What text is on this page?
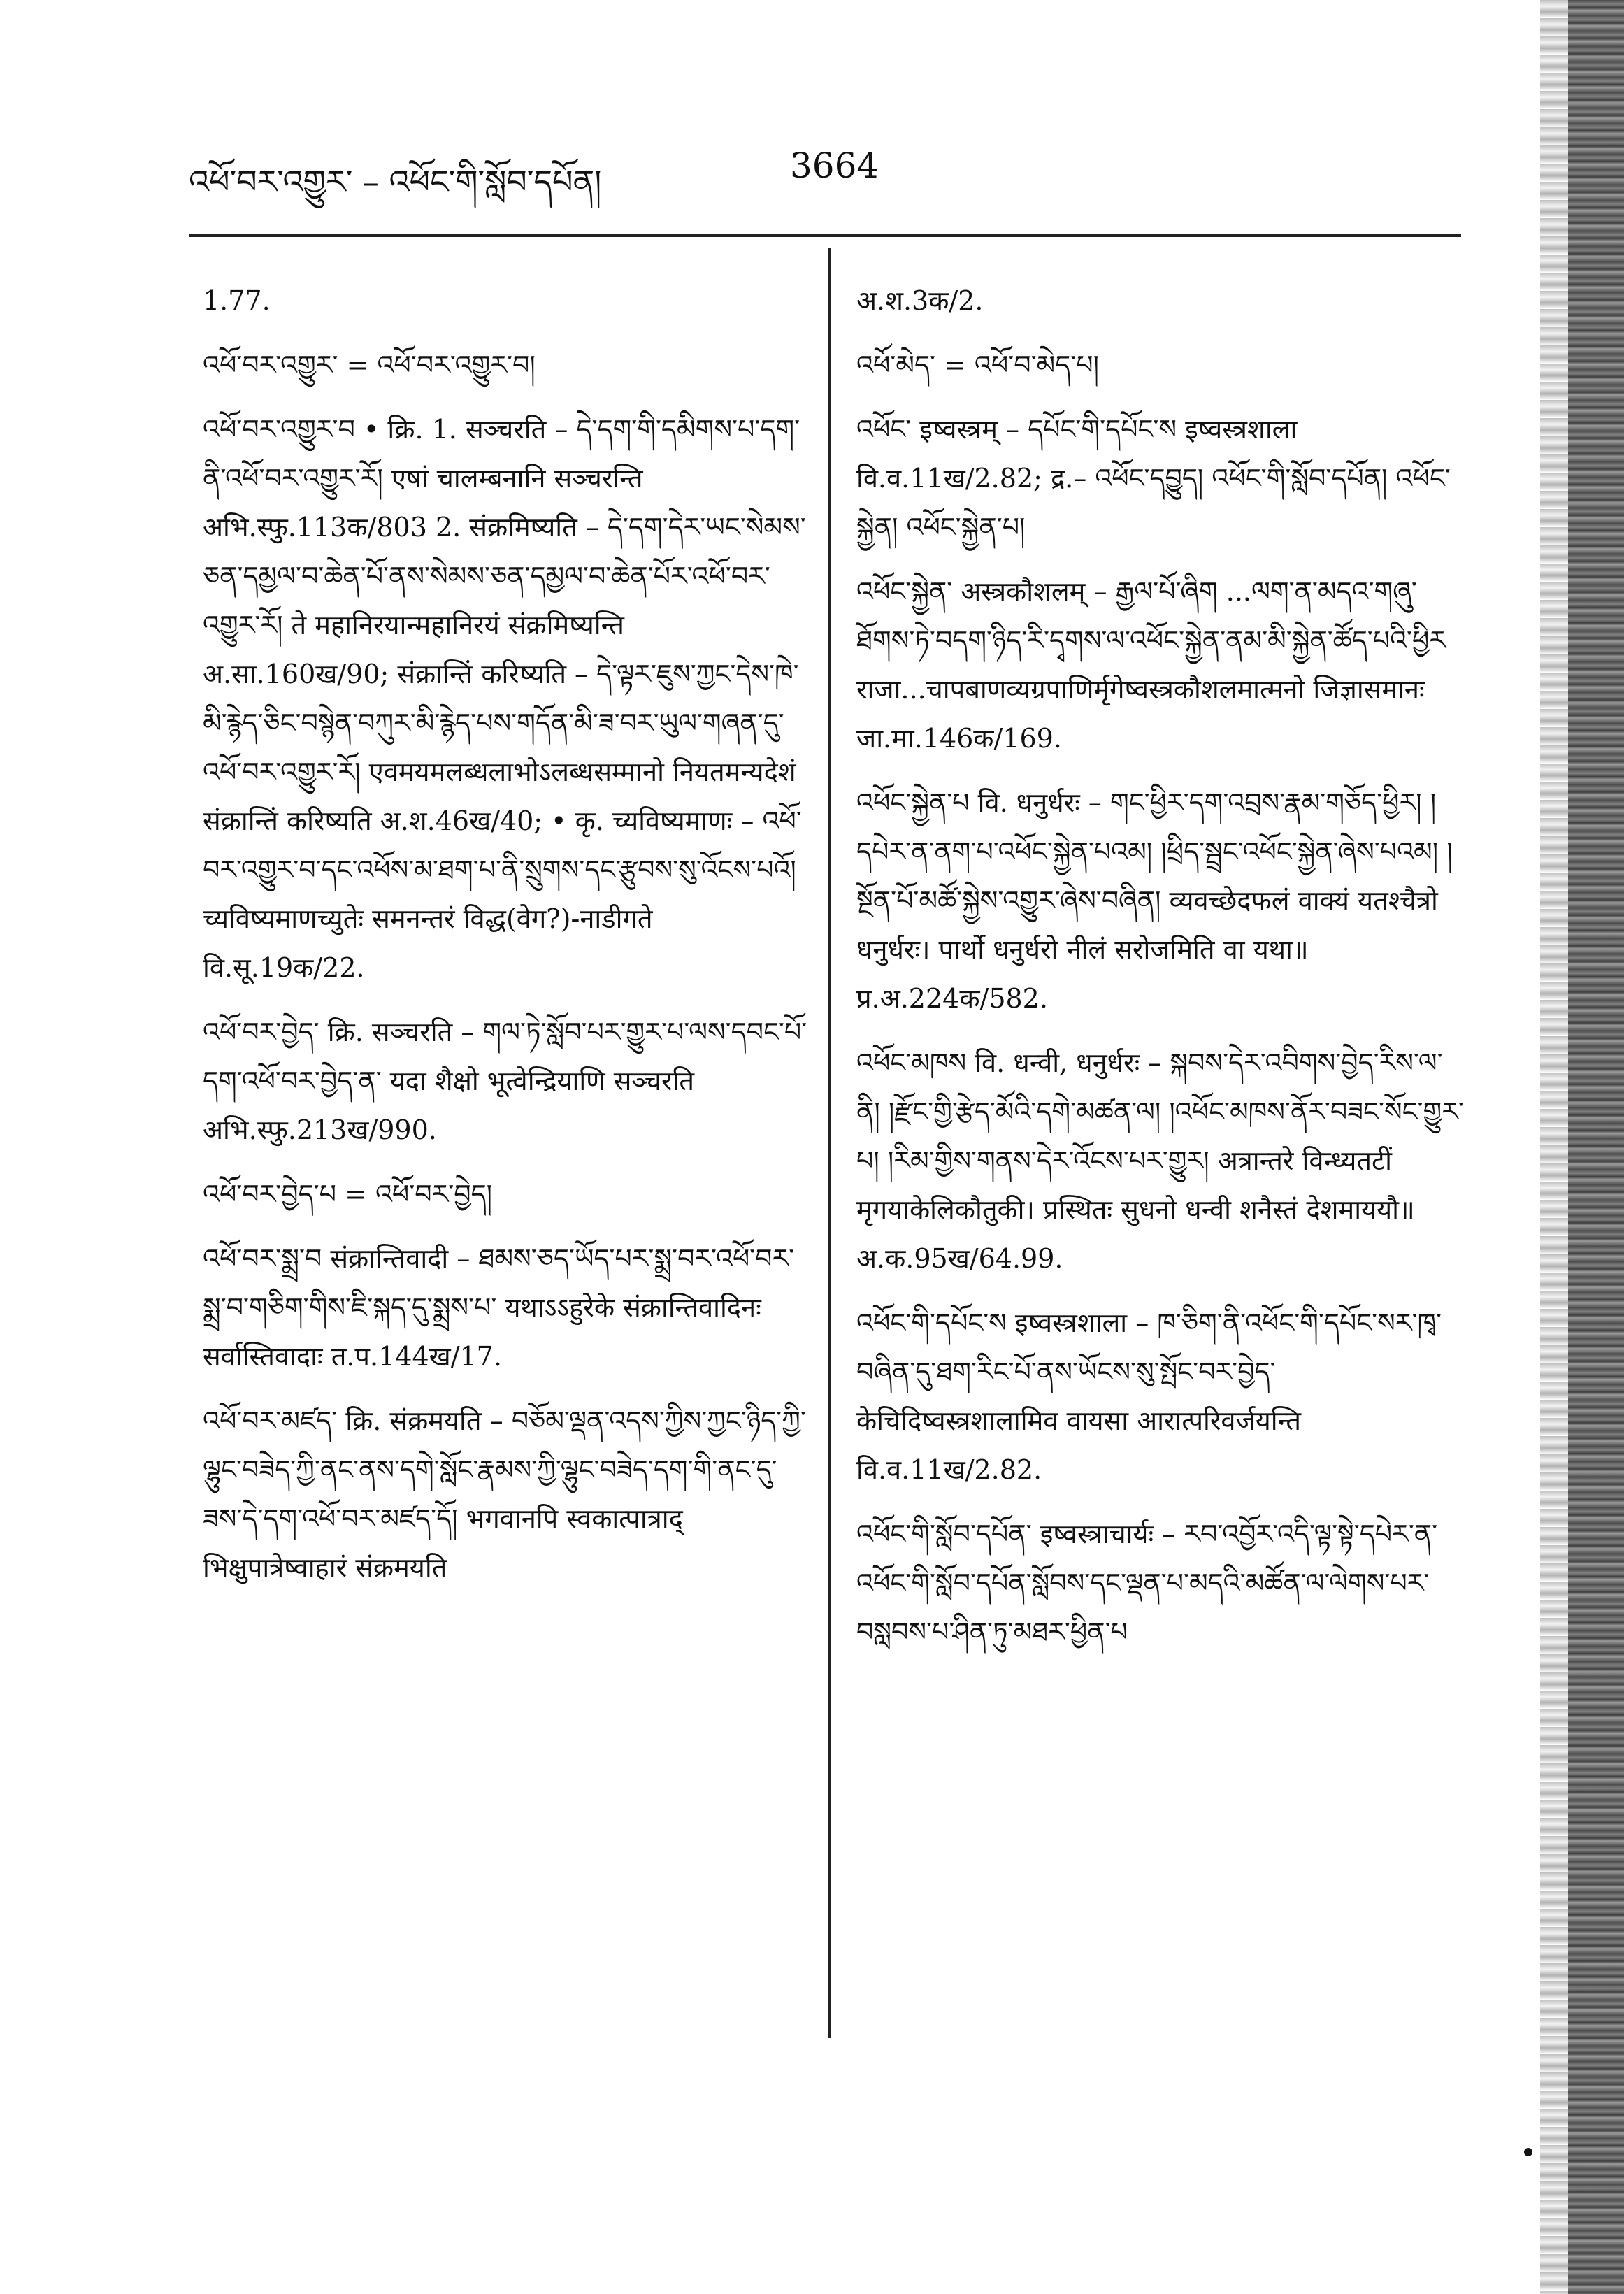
འཕོ་བར་འགྱུར་ – འཕོང་གི་སློབ་དཔོན།	3664
1.77.
འཕོ་བར་འགྱུར་ = འཕོ་བར་འགྱུར་བ།
འཕོ་བར་འགྱུར་བ • क्रि. 1. सञ्चरति – དེ་དག་གི་དམིགས་པ་དག་ནི་འཕོ་བར་འགྱུར་རོ། एषां चालम्बनानि सञ्चरन्ति अभि.स्फु.113क/803 2. संक्रमिष्यति – དེ་དག་དེར་ཡང་སེམས་ཅན་དམྱལ་བ་ཆེན་པོ་ནས་སེམས་ཅན་དམྱལ་བ་ཆེན་པོར་འཕོ་བར་འགྱུར་རོ། ते महानिरयान्महानिरयं संक्रमिष्यन्ति अ.सा.160ख/90; संक्रान्तिं करिष्यति – དེ་ལྟར་ཇུས་ཀྱང་དེས་ཁེ་མི་རྙེད་ཅིང་བསྙེན་བཀུར་མི་རྙེད་པས་གདོན་མི་ཟ་བར་ཡུལ་གཞན་དུ་འཕོ་བར་འགྱུར་རོ། एवमयमलब्धलाभोऽलब्धसम्मानो नियतमन्यदेशं संक्रान्तिं करिष्यति अ.श.46ख/40; • कृ. च्यविष्यमाणः – འཕོ་བར་འགྱུར་བ་དང་འཕོས་མ་ཐག་པ་ནི་སྲུགས་དང་རྩུབས་སུ་འོངས་པའོ། च्यविष्यमाणच्युतेः समनन्तरं विद्ध(वेग?)-नाडीगते वि.सू.19क/22.
འཕོ་བར་བྱེད་ क्रि. सञ्चरति – གལ་ཏེ་སློབ་པར་གྱུར་པ་ལས་དབང་པོ་དག་འཕོ་བར་བྱེད་ན་ यदा शैक्षो भूत्वेन्द्रियाणि सञ्चरति अभि.स्फु.213ख/990.
འཕོ་བར་བྱེད་པ = འཕོ་བར་བྱེད།
འཕོ་བར་སྨྲ་བ संक्रान्तिवादी – ཐམས་ཅད་ཡོད་པར་སྨྲ་བར་འཕོ་བར་སྨྲ་བ་གཅིག་གིས་ཇི་སྐད་དུ་སྨྲས་པ་ यथाऽऽहुरेके संक्रान्तिवादिनः सर्वास्तिवादाः त.प.144ख/17.
འཕོ་བར་མཛད་ क्रि. संक्रमयति – བཅོམ་ལྡན་འདས་ཀྱིས་ཀྱང་ཉིད་ཀྱི་ལྷུང་བཟེད་ཀྱི་ནང་ནས་དགེ་སློང་རྣམས་ཀྱི་ལྷུང་བཟེད་དག་གི་ནང་དུ་ཟས་དེ་དག་འཕོ་བར་མཛད་དོ། भगवानपि स्वकात्पात्राद् भिक्षुपात्रेष्वाहारं संक्रमयति
अ.श.3क/2.
འཕོ་མེད་ = འཕོ་བ་མེད་པ།
འཕོང་ इष्वस्त्रम् – དཔོང་གི་དཔོང་ས इष्वस्त्रशाला वि.व.11ख/2.82; द्र.– འཕོང་དབྱུད། འཕོང་གི་སློབ་དཔོན། འཕོང་སྐྱེན། འཕོང་སྐྱེན་པ།
འཕོང་སྐྱེན་ अस्त्रकौशलम् – རྒྱལ་པོ་ཞིག ...ལག་ན་མདའ་གཞུ་ཐོགས་ཏེ་བདག་ཉིད་རི་དྭགས་ལ་འཕོང་སྐྱེན་ནམ་མི་སྐྱེན་ཚོད་པའི་ཕྱིར राजा...चापबाणव्यग्रपाणिर्मृगेष्वस्त्रकौशलमात्मनो जिज्ञासमानः जा.मा.146क/169.
འཕོང་སྐྱེན་པ वि. धनुर्धरः – གང་ཕྱིར་དག་འབྲས་རྣམ་གཅོད་ཕྱིར། །དཔེར་ན་ནག་པ་འཕོང་སྐྱེན་པའམ། །ཕྲིད་སྦྲང་འཕོང་སྐྱེན་ཞེས་པའམ། །སྔོན་པོ་མཚོ་སྐྱེས་འགྱུར་ཞེས་བཞིན། व्यवच्छेदफलं वाक्यं यतश्चैत्रो धनुर्धरः। पार्थो धनुर्धरो नीलं सरोजमिति वा यथा॥ प्र.अ.224क/582.
འཕོང་མཁས वि. धन्वी, धनुर्धरः – སྐབས་དེར་འབིགས་བྱེད་རིས་ལ་ནི། །རྫོང་གྱི་རྩེད་མོའི་དགེ་མཚན་ལ། །འཕོང་མཁས་ནོར་བཟང་སོང་གྱུར་པ། །རིམ་གྱིས་གནས་དེར་འོངས་པར་གྱུར། अत्रान्तरे विन्ध्यतटीं मृगयाकेलिकौतुकी। प्रस्थितः सुधनो धन्वी शनैस्तं देशमाययौ॥ अ.क.95ख/64.99.
འཕོང་གི་དཔོང་ས इष्वस्त्रशाला – ཁ་ཅིག་ནི་འཕོང་གི་དཔོང་སར་ཁྭ་བཞིན་དུ་ཐག་རིང་པོ་ནས་ཡོངས་སུ་སྤོང་བར་བྱེད་ केचिदिष्वस्त्रशालामिव वायसा आरात्परिवर्जयन्ति वि.व.11ख/2.82.
འཕོང་གི་སློབ་དཔོན་ इष्वस्त्राचार्यः – རབ་འབྱོར་འདི་ལྟ་སྟེ་དཔེར་ན་འཕོང་གི་སློབ་དཔོན་སློབས་དང་ལྡན་པ་མདའི་མཚོན་ལ་ལེགས་པར་བསླབས་པ་ཤིན་ཏུ་མཐར་ཕྱིན་པ
